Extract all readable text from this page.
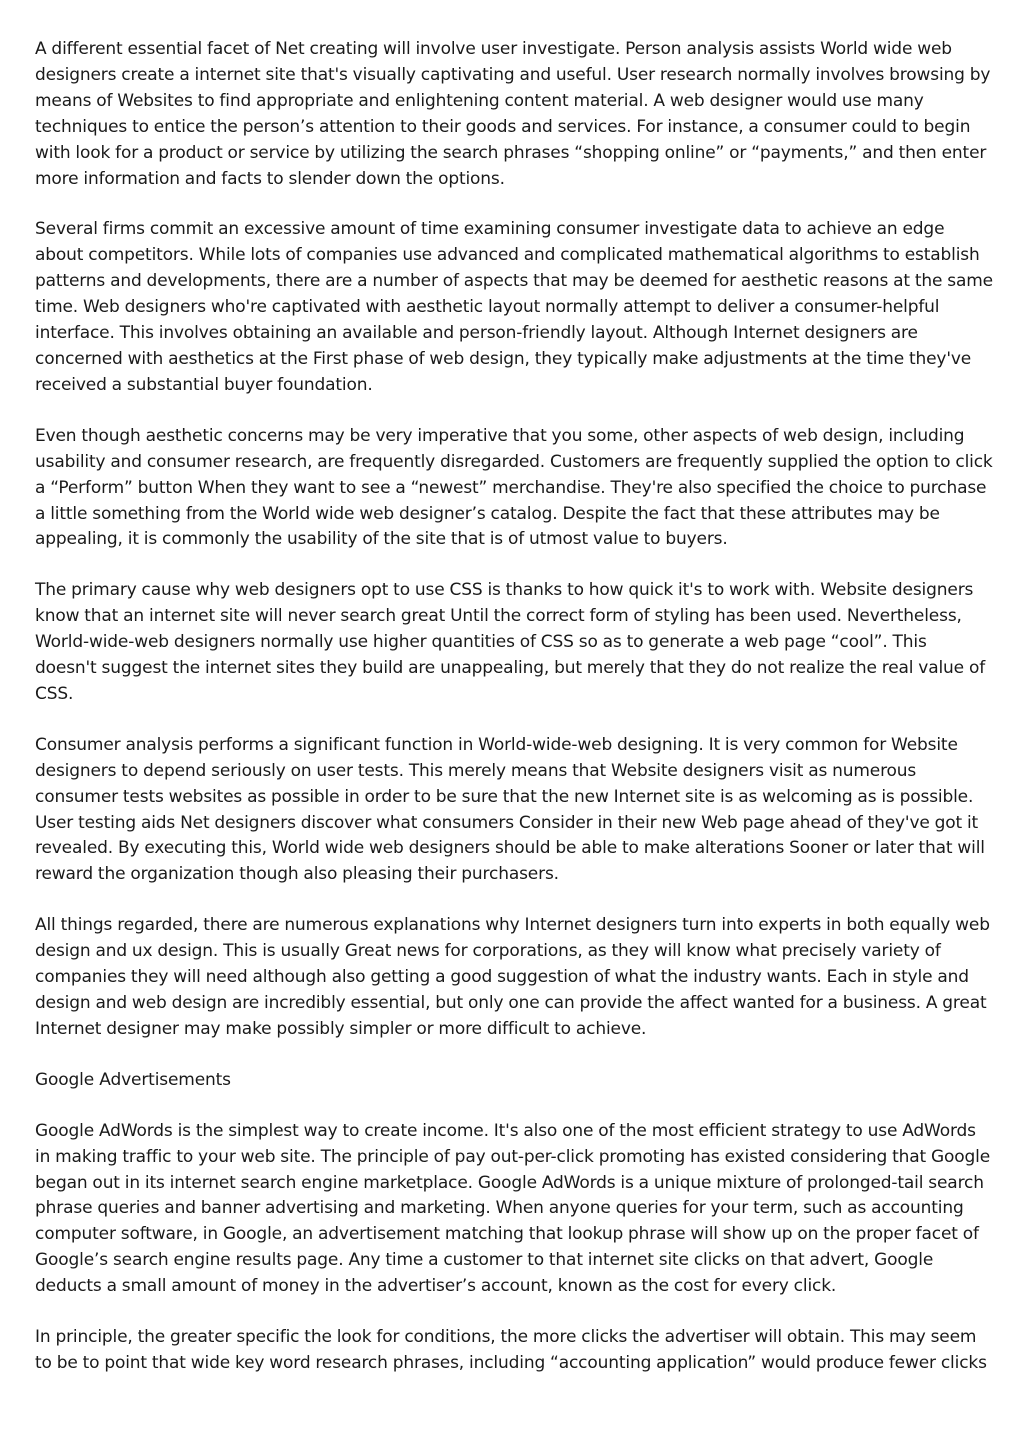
A different essential facet of Net creating will involve user investigate. Person analysis assists World wide web designers create a internet site that's visually captivating and useful. User research normally involves browsing by means of Websites to find appropriate and enlightening content material. A web designer would use many techniques to entice the person’s attention to their goods and services. For instance, a consumer could to begin with look for a product or service by utilizing the search phrases “shopping online” or “payments,” and then enter more information and facts to slender down the options.

Several firms commit an excessive amount of time examining consumer investigate data to achieve an edge about competitors. While lots of companies use advanced and complicated mathematical algorithms to establish patterns and developments, there are a number of aspects that may be deemed for aesthetic reasons at the same time. Web designers who're captivated with aesthetic layout normally attempt to deliver a consumer-helpful interface. This involves obtaining an available and person-friendly layout. Although Internet designers are concerned with aesthetics at the First phase of web design, they typically make adjustments at the time they've received a substantial buyer foundation.

Even though aesthetic concerns may be very imperative that you some, other aspects of web design, including usability and consumer research, are frequently disregarded. Customers are frequently supplied the option to click a “Perform” button When they want to see a “newest” merchandise. They're also specified the choice to purchase a little something from the World wide web designer’s catalog. Despite the fact that these attributes may be appealing, it is commonly the usability of the site that is of utmost value to buyers.

The primary cause why web designers opt to use CSS is thanks to how quick it's to work with. Website designers know that an internet site will never search great Until the correct form of styling has been used. Nevertheless, World-wide-web designers normally use higher quantities of CSS so as to generate a web page “cool”. This doesn't suggest the internet sites they build are unappealing, but merely that they do not realize the real value of CSS.

Consumer analysis performs a significant function in World-wide-web designing. It is very common for Website designers to depend seriously on user tests. This merely means that Website designers visit as numerous consumer tests websites as possible in order to be sure that the new Internet site is as welcoming as is possible. User testing aids Net designers discover what consumers Consider in their new Web page ahead of they've got it revealed. By executing this, World wide web designers should be able to make alterations Sooner or later that will reward the organization though also pleasing their purchasers.

All things regarded, there are numerous explanations why Internet designers turn into experts in both equally web design and ux design. This is usually Great news for corporations, as they will know what precisely variety of companies they will need although also getting a good suggestion of what the industry wants. Each in style and design and web design are incredibly essential, but only one can provide the affect wanted for a business. A great Internet designer may make possibly simpler or more difficult to achieve.

Google Advertisements

Google AdWords is the simplest way to create income. It's also one of the most efficient strategy to use AdWords in making traffic to your web site. The principle of pay out-per-click promoting has existed considering that Google began out in its internet search engine marketplace. Google AdWords is a unique mixture of prolonged-tail search phrase queries and banner advertising and marketing. When anyone queries for your term, such as accounting computer software, in Google, an advertisement matching that lookup phrase will show up on the proper facet of Google’s search engine results page. Any time a customer to that internet site clicks on that advert, Google deducts a small amount of money in the advertiser’s account, known as the cost for every click.

In principle, the greater specific the look for conditions, the more clicks the advertiser will obtain. This may seem to be to point that wide key word research phrases, including “accounting application” would produce fewer clicks
